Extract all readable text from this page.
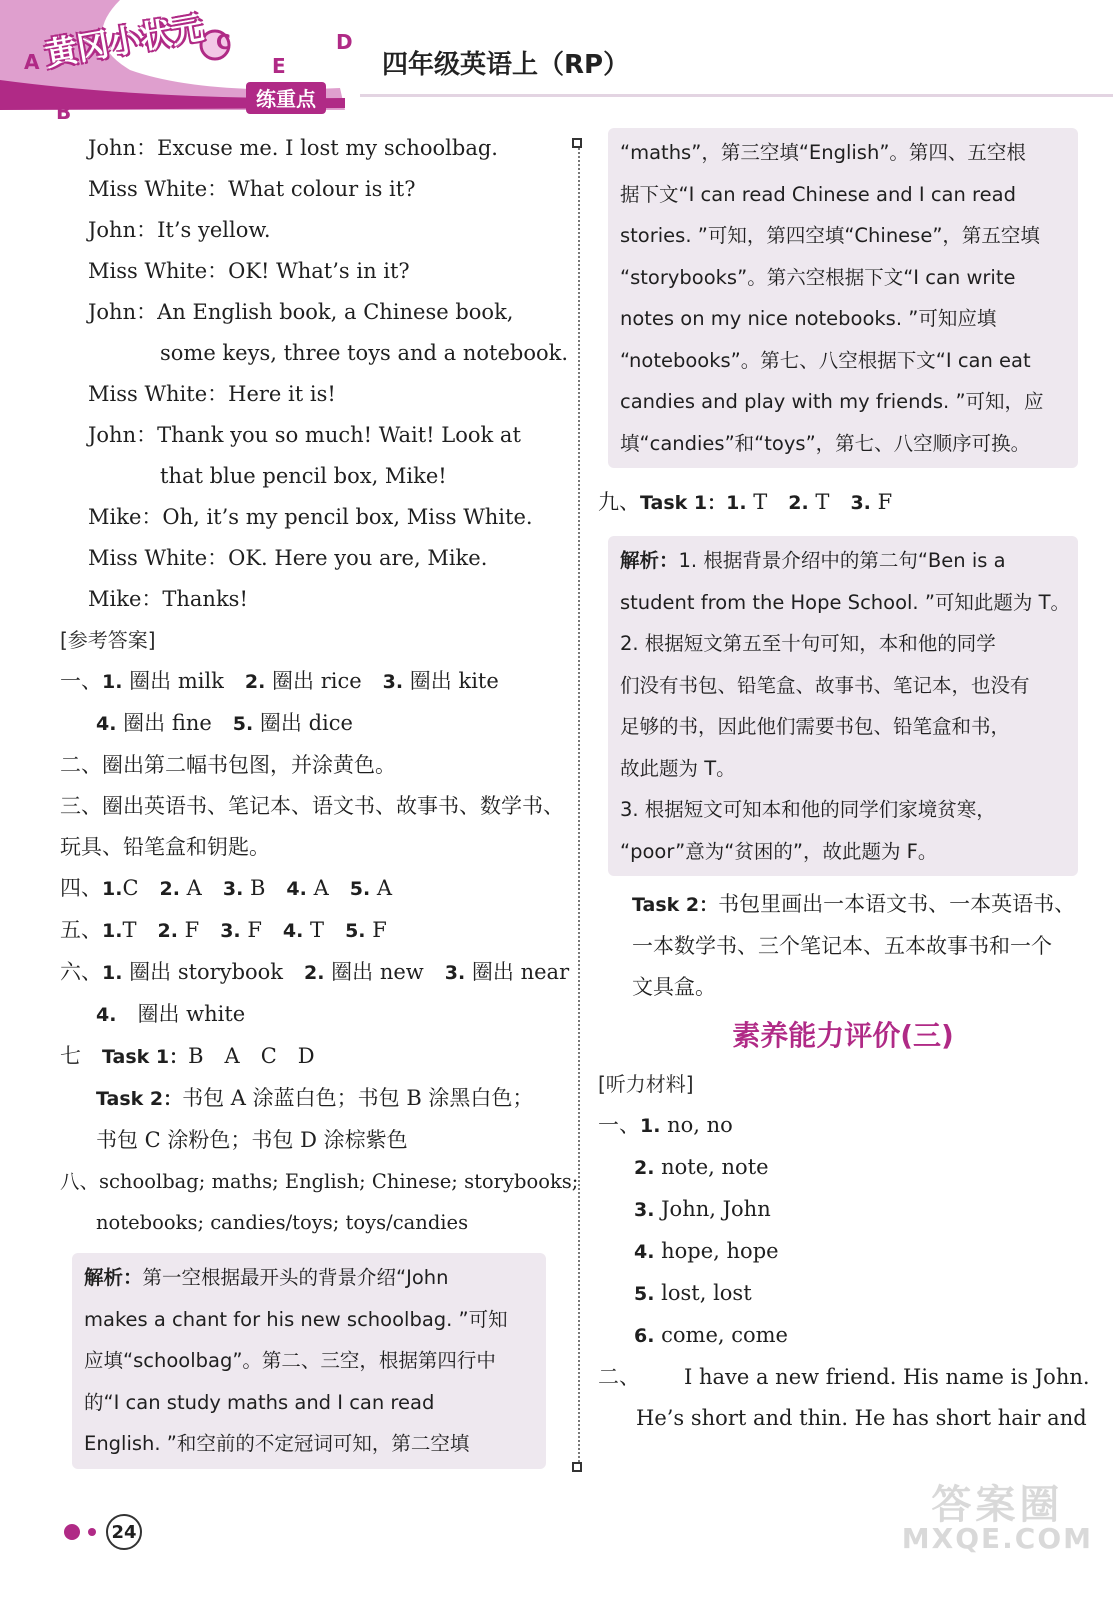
黄冈小状元
A
B
C	D
E
练重点
四年级英语上（RP）
John：Excuse me. I lost my schoolbag.
Miss White：What colour is it?
John：It’s yellow.
Miss White：OK! What’s in it?
John：An English book, a Chinese book,
some keys, three toys and a notebook.
Miss White：Here it is!
John：Thank you so much! Wait! Look at
that blue pencil box, Mike!
Mike：Oh, it’s my pencil box, Miss White.
Miss White：OK. Here you are, Mike.
Mike：Thanks!
[参考答案]
一、1. 圈出 milk　 2. 圈出 rice　 3. 圈出 kite
4. 圈出 fine　 5. 圈出 dice
二、圈出第二幅书包图，并涂黄色。
三、圈出英语书、笔记本、语文书、故事书、数学书、
玩具、铅笔盒和钥匙。
四、1.C　 2. A　 3. B　 4. A　 5. A
五、1.T　 2. F　 3. F　 4. T　 5. F
六、1. 圈出 storybook　 2. 圈出 new　 3. 圈出 near
4.　 圈出 white
七　 Task 1：B　A　C　D
Task 2：书包 A 涂蓝白色；书包 B 涂黑白色；
书包 C 涂粉色；书包 D 涂棕紫色
八、schoolbag; maths; English; Chinese; storybooks;
notebooks; candies/toys; toys/candies
解析：第一空根据最开头的背景介绍“John
makes a chant for his new schoolbag. ”可知
应填“schoolbag”。第二、三空，根据第四行中
的“I can study maths and I can read
English. ”和空前的不定冠词可知，第二空填
“maths”，第三空填“English”。第四、五空根
据下文“I can read Chinese and I can read
stories. ”可知，第四空填“Chinese”，第五空填
“storybooks”。第六空根据下文“I can write
notes on my nice notebooks. ”可知应填
“notebooks”。第七、八空根据下文“I can eat
candies and play with my friends. ”可知，应
填“candies”和“toys”，第七、八空顺序可换。
九、Task 1：1. T　 2. T　 3. F
解析：1. 根据背景介绍中的第二句“Ben is a
student from the Hope School. ”可知此题为 T。
2. 根据短文第五至十句可知，本和他的同学
们没有书包、铅笔盒、故事书、笔记本，也没有
足够的书，因此他们需要书包、铅笔盒和书，
故此题为 T。
3. 根据短文可知本和他的同学们家境贫寒，
“poor”意为“贫困的”，故此题为 F。
Task 2：书包里画出一本语文书、一本英语书、
一本数学书、三个笔记本、五本故事书和一个
文具盒。
素养能力评价(三)
[听力材料]
一、1. no, no
2. note, note
3. John, John
4. hope, hope
5. lost, lost
6. come, come
二、 I have a new friend. His name is John.
He’s short and thin. He has short hair and
24
答案圈
MXQE.COM
